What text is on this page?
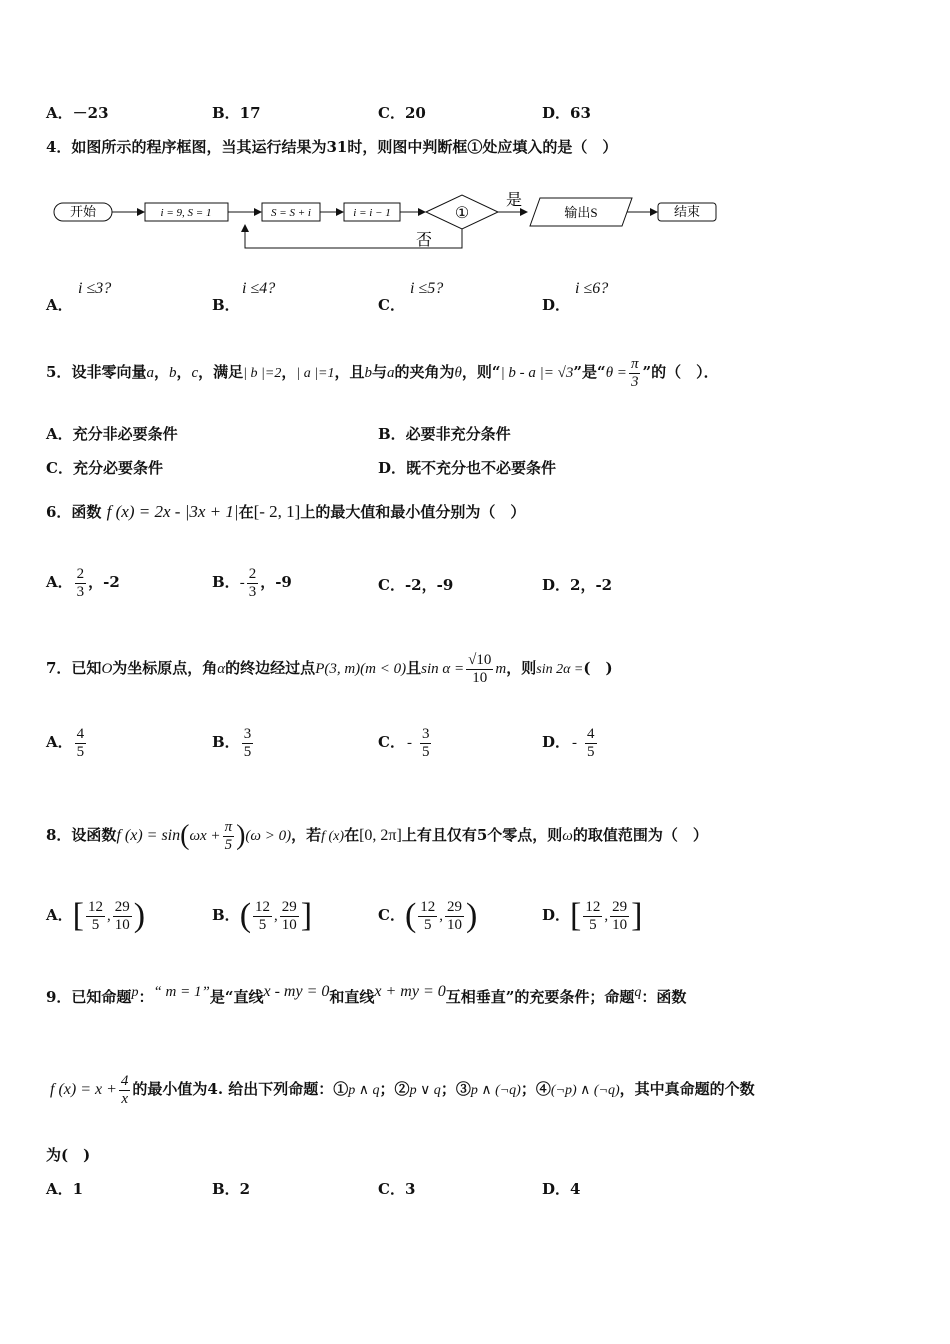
A．－23	B．17	C．20	D．63
4．如图所示的程序框图，当其运行结果为31时，则图中判断框①处应填入的是（　）
开始	i = 9, S = 1	S = S + i	i = i − 1	①
是
输出S	结束
否
A．
i ≤3?
B．
i ≤4?
C．
i ≤5?
D．
i ≤6?
5．设非零向量a，b，c，满足| b |=2，| a |=1，且b与a的夹角为θ，则“| b - a |= √3”是“$\theta = \frac{\pi}{3}$ ”的（　）．
A．充分非必要条件	B．必要非充分条件
C．充分必要条件	D．既不充分也不必要条件
6．函数 f (x) = 2x - |3x + 1|在[- 2, 1]上的最大值和最小值分别为（　）
A． $\frac{2}{3}$ ，-2	B．- $\frac{2}{3}$ ，-9	C．-2，-9	D．2，-2
7．已知O为坐标原点，角α的终边经过点P(3, m)(m < 0)且$\sin \alpha = \frac{√10}{10}$ m，则sin 2α =(　)
A． $\frac{4}{5}$	B． $\frac{3}{5}$	C． - $\frac{3}{5}$	D． - $\frac{4}{5}$
8．设函数f $(x) = \sin(\omega x + \frac{\pi}{5} )(\omega > 0)$，若f (x)在[0, 2π]上有且仅有5个零点，则ω的取值范围为（　）
A．[ $\frac{12}{5}$ , $\frac{29}{10}$ )	B．( $\frac{12}{5}$ , $\frac{29}{10}$ ]	C．( $\frac{12}{5}$ , $\frac{29}{10}$ )	D．[ $\frac{12}{5}$ , $\frac{29}{10}$ ]
9．已知命题p：“ m = 1”是“直线x - my = 0和直线x + my = 0互相垂直”的充要条件；命题q：函数
f $(x) = x + \frac{4}{x}$ 的最小值为4. 给出下列命题：①p ∧ q；②p ∨ q；③p ∧ (¬q)；④(¬p) ∧ (¬q)，其中真命题的个数
为(　)
A．1	B．2	C．3	D．4
